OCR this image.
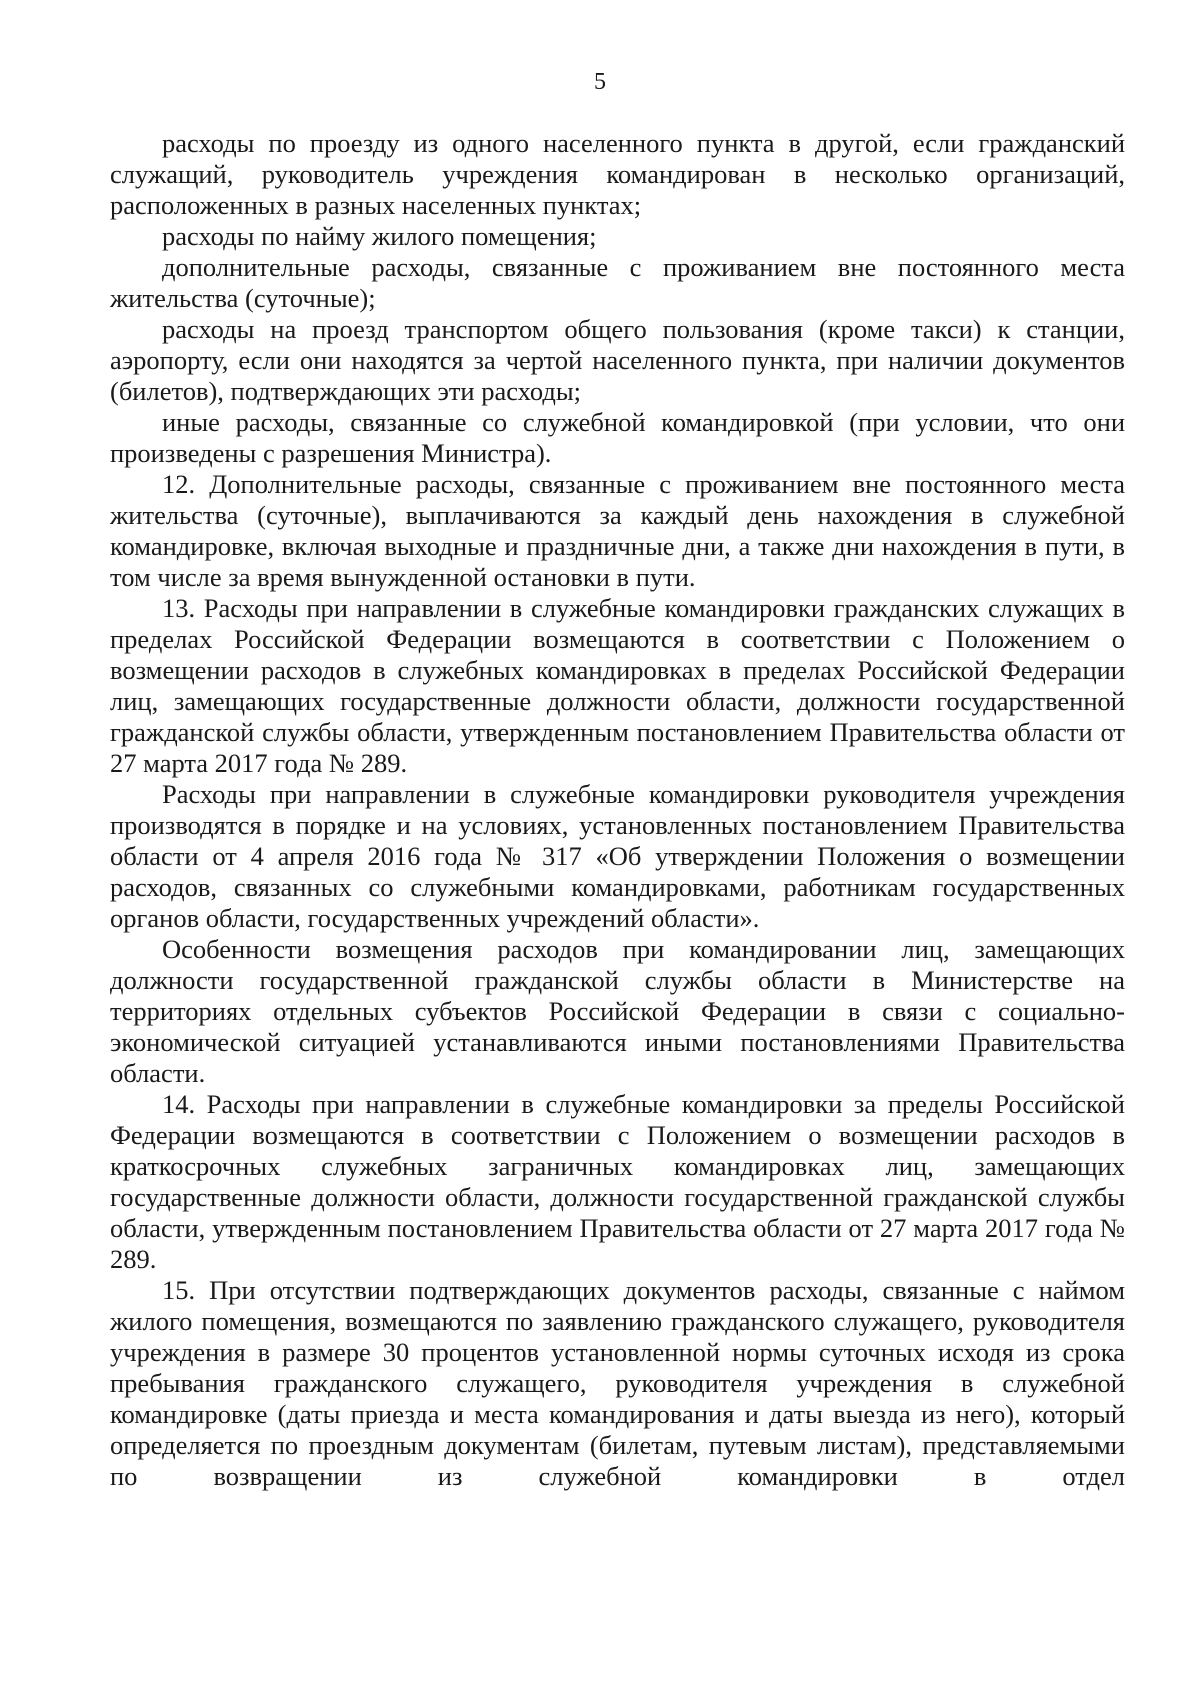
5

расходы по проезду из одного населенного пункта в другой, если гражданский служащий, руководитель учреждения командирован в несколько организаций, расположенных в разных населенных пунктах;

расходы по найму жилого помещения;

дополнительные расходы, связанные с проживанием вне постоянного места жительства (суточные);

расходы на проезд транспортом общего пользования (кроме такси) к станции, аэропорту, если они находятся за чертой населенного пункта, при наличии документов (билетов), подтверждающих эти расходы;

иные расходы, связанные со служебной командировкой (при условии, что они произведены с разрешения Министра).

12. Дополнительные расходы, связанные с проживанием вне постоянного места жительства (суточные), выплачиваются за каждый день нахождения в служебной командировке, включая выходные и праздничные дни, а также дни нахождения в пути, в том числе за время вынужденной остановки в пути.

13. Расходы при направлении в служебные командировки гражданских служащих в пределах Российской Федерации возмещаются в соответствии с Положением о возмещении расходов в служебных командировках в пределах Российской Федерации лиц, замещающих государственные должности области, должности государственной гражданской службы области, утвержденным постановлением Правительства области от 27 марта 2017 года № 289.

Расходы при направлении в служебные командировки руководителя учреждения производятся в порядке и на условиях, установленных постановлением Правительства области от 4 апреля 2016 года № 317 «Об утверждении Положения о возмещении расходов, связанных со служебными командировками, работникам государственных органов области, государственных учреждений области».

Особенности возмещения расходов при командировании лиц, замещающих должности государственной гражданской службы области в Министерстве на территориях отдельных субъектов Российской Федерации в связи с социально-экономической ситуацией устанавливаются иными постановлениями Правительства области.

14. Расходы при направлении в служебные командировки за пределы Российской Федерации возмещаются в соответствии с Положением о возмещении расходов в краткосрочных служебных заграничных командировках лиц, замещающих государственные должности области, должности государственной гражданской службы области, утвержденным постановлением Правительства области от 27 марта 2017 года № 289.

15. При отсутствии подтверждающих документов расходы, связанные с наймом жилого помещения, возмещаются по заявлению гражданского служащего, руководителя учреждения в размере 30 процентов установленной нормы суточных исходя из срока пребывания гражданского служащего, руководителя учреждения в служебной командировке (даты приезда и места командирования и даты выезда из него), который определяется по проездным документам (билетам, путевым листам), представляемыми по возвращении из служебной командировки в отдел
